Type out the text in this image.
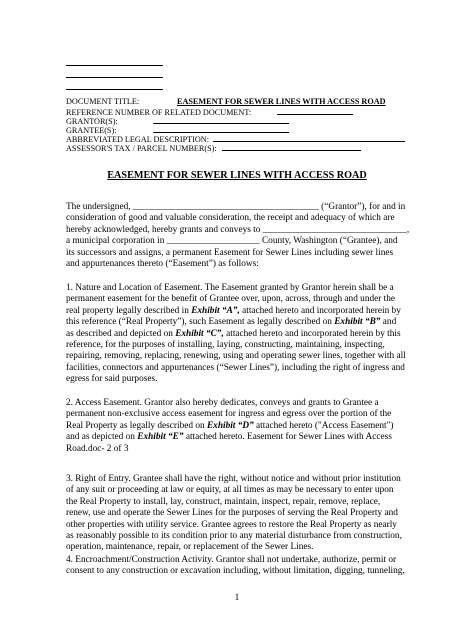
DOCUMENT TITLE:	EASEMENT FOR SEWER LINES WITH ACCESS ROAD
REFERENCE NUMBER OF RELATED DOCUMENT:
GRANTOR(S):
GRANTEE(S):
ABBREVIATED LEGAL DESCRIPTION:
ASSESSOR'S TAX / PARCEL NUMBER(S):
EASEMENT FOR SEWER LINES WITH ACCESS ROAD
The undersigned, ________________________________________ (“Grantor”), for and in
consideration of good and valuable consideration, the receipt and adequacy of which are
hereby acknowledged, hereby grants and conveys to _______________________________,
a municipal corporation in ____________________ County, Washington (“Grantee), and
its successors and assigns, a permanent Easement for Sewer Lines including sewer lines
and appurtenances thereto (“Easement”) as follows:
1. Nature and Location of Easement. The Easement granted by Grantor herein shall be a
permanent easement for the benefit of Grantee over, upon, across, through and under the
real property legally described in Exhibit “A”, attached hereto and incorporated herein by
this reference (“Real Property”), such Easement as legally described on Exhibit “B” and
as described and depicted on Exhibit “C”, attached hereto and incorporated herein by this
reference, for the purposes of installing, laying, constructing, maintaining, inspecting,
repairing, removing, replacing, renewing, using and operating sewer lines, together with all
facilities, connectors and appurtenances (“Sewer Lines”), including the right of ingress and
egress for said purposes.
2. Access Easement. Grantor also hereby dedicates, conveys and grants to Grantee a
permanent non-exclusive access easement for ingress and egress over the portion of the
Real Property as legally described on Exhibit “D” attached hereto ("Access Easement")
and as depicted on Exhibit “E” attached hereto. Easement for Sewer Lines with Access
Road.doc- 2 of 3
3. Right of Entry. Grantee shall have the right, without notice and without prior institution
of any suit or proceeding at law or equity, at all times as may be necessary to enter upon
the Real Property to install, lay, construct, maintain, inspect, repair, remove, replace,
renew, use and operate the Sewer Lines for the purposes of serving the Real Property and
other properties with utility service. Grantee agrees to restore the Real Property as nearly
as reasonably possible to its condition prior to any material disturbance from construction,
operation, maintenance, repair, or replacement of the Sewer Lines.
4. Encroachment/Construction Activity. Grantor shall not undertake, authorize, permit or
consent to any construction or excavation including, without limitation, digging, tunneling,
1
